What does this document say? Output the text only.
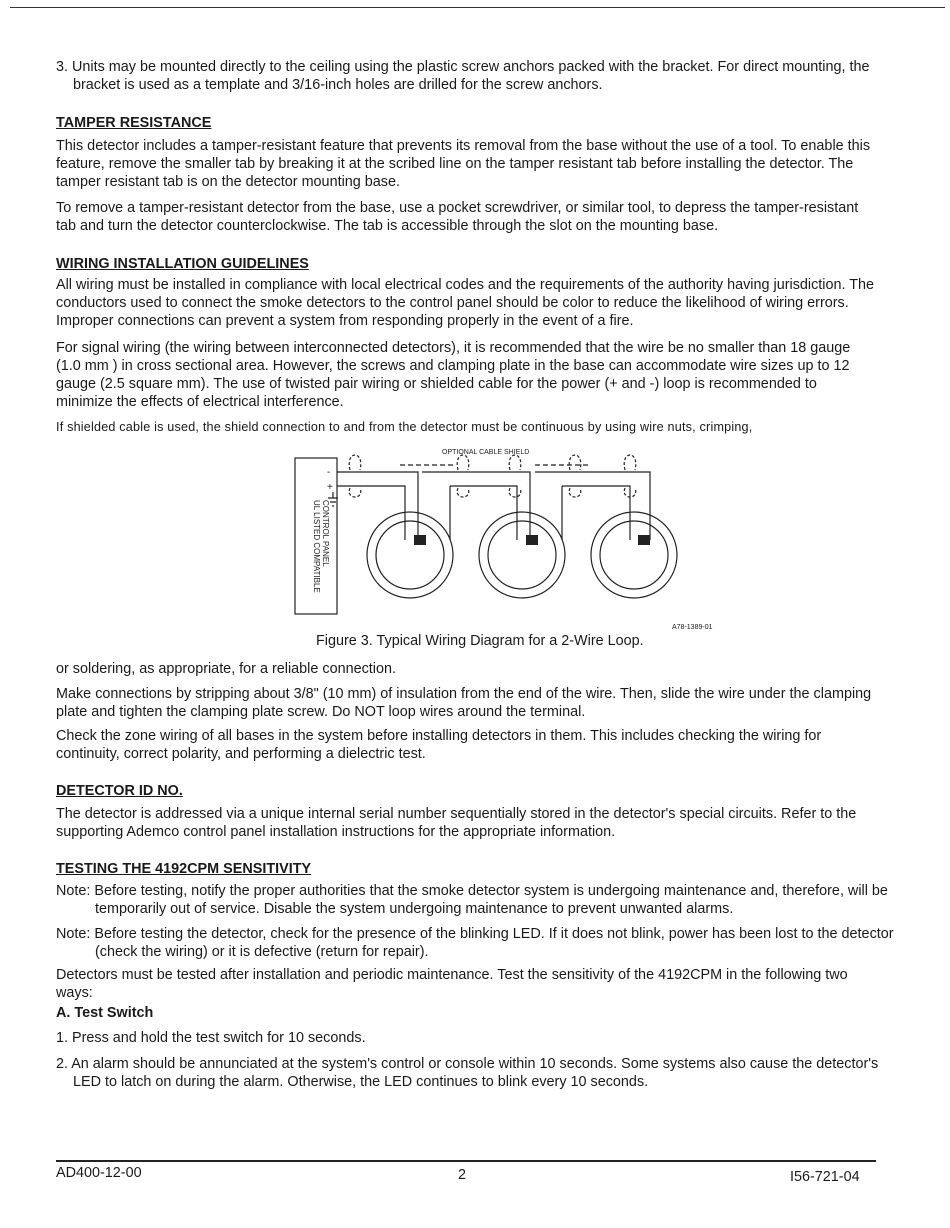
3. Units may be mounted directly to the ceiling using the plastic screw anchors packed with the bracket. For direct mounting, the bracket is used as a template and 3/16-inch holes are drilled for the screw anchors.

TAMPER RESISTANCE

This detector includes a tamper-resistant feature that prevents its removal from the base without the use of a tool. To enable this feature, remove the smaller tab by breaking it at the scribed line on the tamper resistant tab before installing the detector. The tamper resistant tab is on the detector mounting base.

To remove a tamper-resistant detector from the base, use a pocket screwdriver, or similar tool, to depress the tamper-resistant tab and turn the detector counterclockwise. The tab is accessible through the slot on the mounting base.

WIRING INSTALLATION GUIDELINES

All wiring must be installed in compliance with local electrical codes and the requirements of the authority having jurisdiction. The conductors used to connect the smoke detectors to the control panel should be color to reduce the likelihood of wiring errors. Improper connections can prevent a system from responding properly in the event of a fire.

For signal wiring (the wiring between interconnected detectors), it is recommended that the wire be no smaller than 18 gauge (1.0 mm ) in cross sectional area. However, the screws and clamping plate in the base can accommodate wire sizes up to 12 gauge (2.5 square mm). The use of twisted pair wiring or shielded cable for the power (+ and -) loop is recommended to minimize the effects of electrical interference.

If shielded cable is used, the shield connection to and from the detector must be continuous by using wire nuts, crimping,

OPTIONAL CABLE SHIELD
-
+
UL LISTED COMPATIBLE CONTROL PANEL
A78-1389-01
Figure 3. Typical Wiring Diagram for a 2-Wire Loop.

or soldering, as appropriate, for a reliable connection.

Make connections by stripping about 3/8" (10 mm) of insulation from the end of the wire. Then, slide the wire under the clamping plate and tighten the clamping plate screw. Do NOT loop wires around the terminal.

Check the zone wiring of all bases in the system before installing detectors in them. This includes checking the wiring for continuity, correct polarity, and performing a dielectric test.

DETECTOR ID NO.

The detector is addressed via a unique internal serial number sequentially stored in the detector's special circuits. Refer to the supporting Ademco control panel installation instructions for the appropriate information.

TESTING THE 4192CPM SENSITIVITY

Note: Before testing, notify the proper authorities that the smoke detector system is undergoing maintenance and, therefore, will be temporarily out of service. Disable the system undergoing maintenance to prevent unwanted alarms.

Note: Before testing the detector, check for the presence of the blinking LED. If it does not blink, power has been lost to the detector (check the wiring) or it is defective (return for repair).

Detectors must be tested after installation and periodic maintenance. Test the sensitivity of the 4192CPM in the following two ways:

A. Test Switch

1. Press and hold the test switch for 10 seconds.

2. An alarm should be annunciated at the system's control or console within 10 seconds. Some systems also cause the detector's LED to latch on during the alarm. Otherwise, the LED continues to blink every 10 seconds.

AD400-12-00	2	I56-721-04
